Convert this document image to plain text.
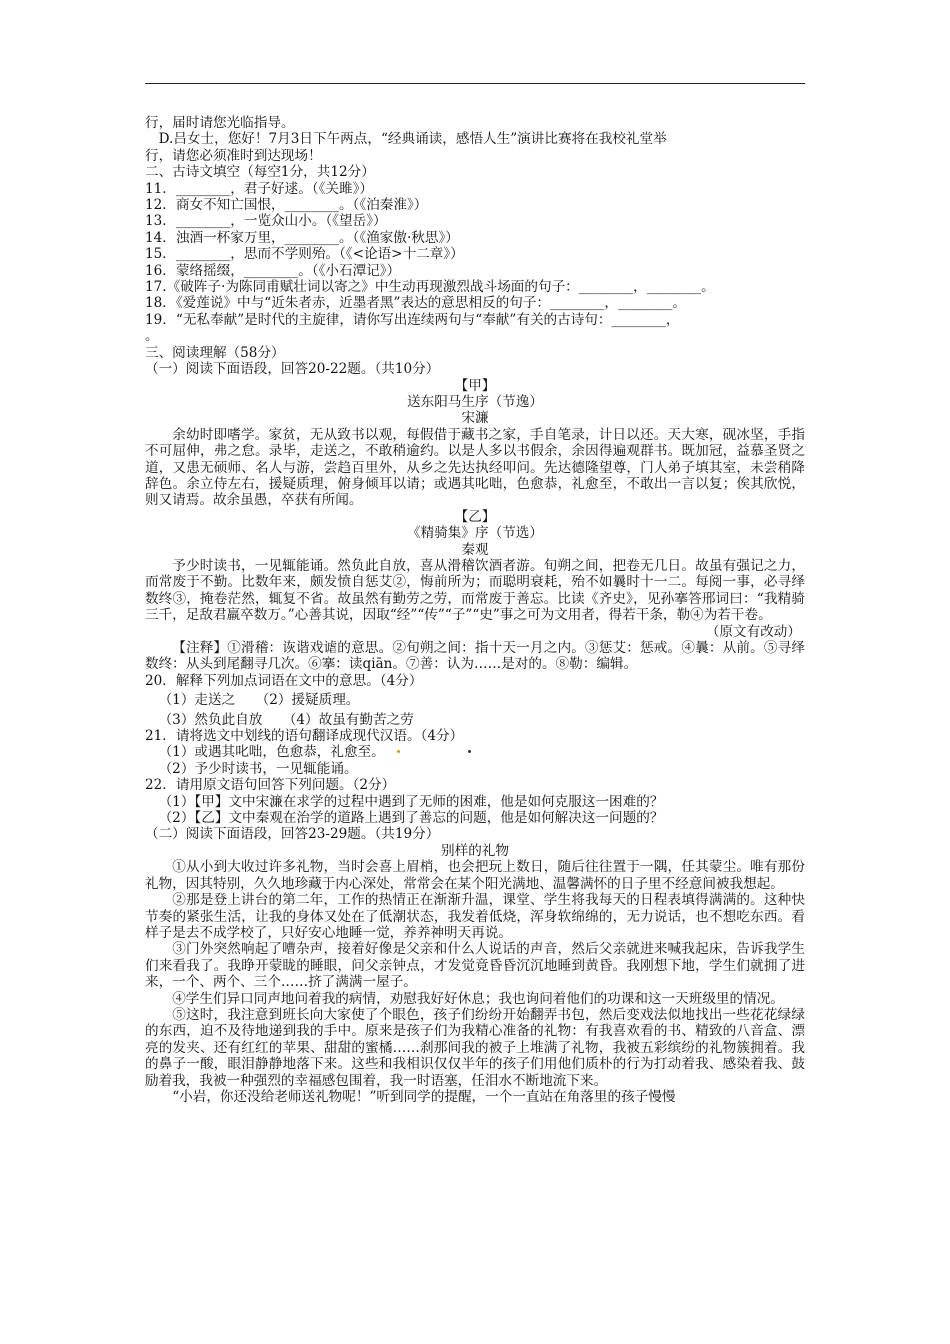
行，届时请您光临指导。

D.吕女士，您好！7月3日下午两点，“经典诵读，感悟人生”演讲比赛将在我校礼堂举

行，请您必须准时到达现场！

二、古诗文填空（每空1分，共12分）

11．________，君子好逑。（《关雎》）

12．商女不知亡国恨，________。（《泊秦淮》）

13．________，一览众山小。（《望岳》）

14．浊酒一杯家万里，________。（《渔家傲·秋思》）

15．________，思而不学则殆。（《<论语>十二章》）

16．蒙络摇缀，________。（《小石潭记》）

17.《破阵子·为陈同甫赋壮词以寄之》中生动再现激烈战斗场面的句子：________，________。

18．《爱莲说》中与“近朱者赤，近墨者黑”表达的意思相反的句子：________，________。

19．“无私奉献”是时代的主旋律，请你写出连续两句与“奉献”有关的古诗句：________，

。

三、阅读理解（58分）

（一）阅读下面语段，回答20-22题。（共10分）

【甲】

送东阳马生序（节逸）

宋濂

余幼时即嗜学。家贫，无从致书以观，每假借于藏书之家，手自笔录，计日以还。天大寒，砚冰坚，手指不可屈伸，弗之怠。录毕，走送之，不敢稍逾约。以是人多以书假余，余因得遍观群书。既加冠，益慕圣贤之道，又患无硕师、名人与游，尝趋百里外，从乡之先达执经叩问。先达德隆望尊，门人弟子填其室，未尝稍降辞色。余立侍左右，援疑质理，俯身倾耳以请；或遇其叱咄，色愈恭，礼愈至，不敢出一言以复；俟其欣悦，则又请焉。故余虽愚，卒获有所闻。

【乙】

《精骑集》序（节选）

秦观

予少时读书，一见辄能诵。然负此自放，喜从滑稽饮酒者游。旬朔之间，把卷无几日。故虽有强记之力，而常废于不勤。比数年来，颇发愤自惩艾②，悔前所为；而聪明衰耗，殆不如曩时十一二。每阅一事，必寻绎数终③，掩卷茫然，辄复不省。故虽然有勤劳之劳，而常废于善忘。比读《齐史》，见孙搴答邢词曰：“我精骑三千，足敌君羸卒数万。”心善其说，因取“经”“传”“子”“史”事之可为文用者，得若干条，勒④为若干卷。

（原文有改动）

【注释】①滑稽：诙谐戏谑的意思。②旬朔之间：指十天一月之内。③惩艾：惩戒。④曩：从前。⑤寻绎数终：从头到尾翻寻几次。⑥搴：读qiān。⑦善：认为……是对的。⑧勒：编辑。

20．解释下列加点词语在文中的意思。（4分）

（1）走送之　　（2）援疑质理。

（3）然负此自放　　（4）故虽有勤苦之劳

21．请将选文中划线的语句翻译成现代汉语。（4分）

（1）或遇其叱咄，色愈恭，礼愈至。

（2）予少时读书，一见辄能诵。

22．请用原文语句回答下列问题。（2分）

（1）【甲】文中宋濂在求学的过程中遇到了无师的困难，他是如何克服这一困难的？

（2）【乙】文中秦观在治学的道路上遇到了善忘的问题，他是如何解决这一问题的？

（二）阅读下面语段，回答23-29题。（共19分）

别样的礼物

①从小到大收过许多礼物，当时会喜上眉梢，也会把玩上数日，随后往往置于一隅，任其蒙尘。唯有那份礼物，因其特别，久久地珍藏于内心深处，常常会在某个阳光满地、温馨满怀的日子里不经意间被我想起。

②那是登上讲台的第二年，工作的热情正在渐渐升温，课堂、学生将我每天的日程表填得满满的。这种快节奏的紧张生活，让我的身体又处在了低潮状态，我发着低烧，浑身软绵绵的，无力说话，也不想吃东西。看样子是去不成学校了，只好安心地睡一觉，养养神明天再说。

③门外突然响起了嘈杂声，接着好像是父亲和什么人说话的声音，然后父亲就进来喊我起床，告诉我学生们来看我了。我睁开蒙眬的睡眼，问父亲钟点，才发觉竟昏昏沉沉地睡到黄昏。我刚想下地，学生们就拥了进来，一个、两个、三个……挤了满满一屋子。

④学生们异口同声地问着我的病情，劝慰我好好休息；我也询问着他们的功课和这一天班级里的情况。

⑤这时，我注意到班长向大家使了个眼色，孩子们纷纷开始翻弄书包，然后变戏法似地找出一些花花绿绿的东西，迫不及待地递到我的手中。原来是孩子们为我精心准备的礼物：有我喜欢看的书、精致的八音盒、漂亮的发夹、还有红红的苹果、甜甜的蜜橘……刹那间我的被子上堆满了礼物，我被五彩缤纷的礼物簇拥着。我的鼻子一酸，眼泪静静地落下来。这些和我相识仅仅半年的孩子们用他们质朴的行为打动着我、感染着我、鼓励着我，我被一种强烈的幸福感包围着，我一时语塞，任泪水不断地流下来。

“小岩，你还没给老师送礼物呢！”听到同学的提醒，一个一直站在角落里的孩子慢慢
